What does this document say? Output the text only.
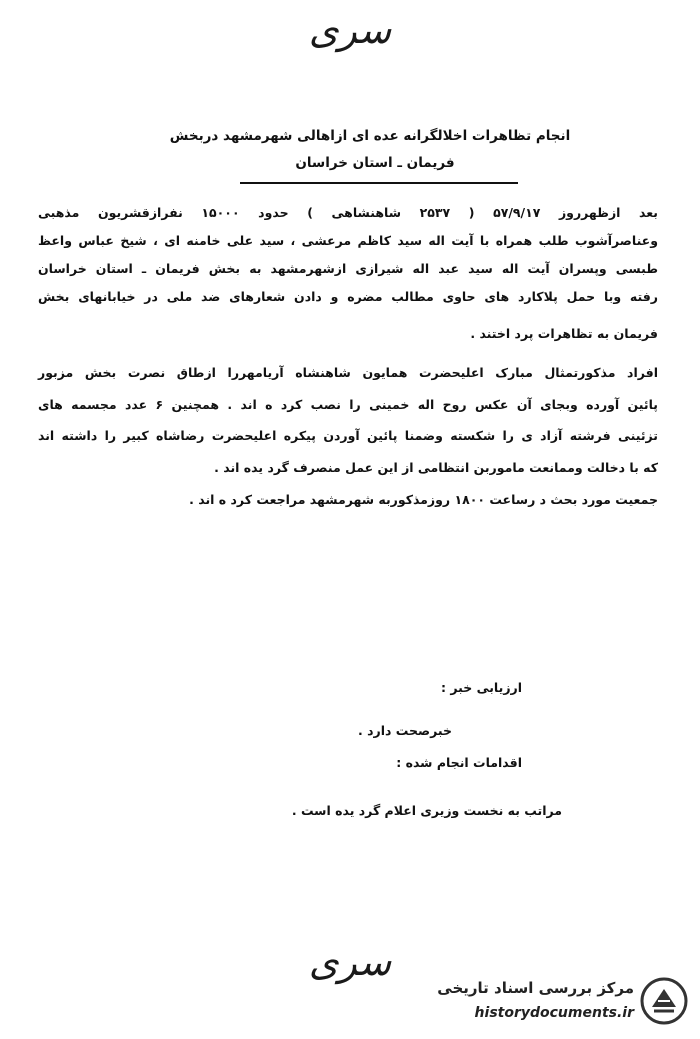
سری
انجام تظاهرات اخلالگرانه عده ای ازاهالی شهرمشهد دربخش
فریمان ـ استان خراسان
بعد ازظهرروز ۵۷/۹/۱۷ ( ۲۵۳۷ شاهنشاهی ) حدود ۱۵۰۰۰ نفرازقشریون مذهبی
وعناصرآشوب طلب همراه با آیت اله سید کاظم مرعشی ، سید علی خامنه ای ، شیخ عباس واعظ
طبسی وپسران آیت اله سید عبد اله شیرازی ازشهرمشهد به بخش فریمان ـ استان خراسان
رفته وبا حمل پلاکارد های حاوی مطالب مضره و دادن شعارهای ضد ملی در خیابانهای بخش
فریمان به تظاهرات پرد اختند .
افراد مذکورتمثال مبارک اعلیحضرت همایون شاهنشاه آریامهررا ازطاق نصرت بخش مزبور
پائین آورده وبجای آن عکس روح اله خمینی را نصب کرد ه اند . همچنین ۶ عدد مجسمه های
تزئینی فرشته آزاد ی را شکسته وضمنا پائین آوردن پیکره اعلیحضرت رضاشاه کبیر را داشته اند
که با دخالت وممانعت ماموربن انتظامی از این عمل منصرف گرد یده اند .
جمعیت مورد بحث د رساعت ۱۸۰۰ روزمذکوربه شهرمشهد مراجعت کرد ه اند .
ارزیابی خبر :
خبرصحت دارد .
اقدامات انجام شده :
مراتب به نخست وزیری اعلام گرد یده است .
سری
مرکز بررسی اسناد تاریخی
historydocuments.ir
